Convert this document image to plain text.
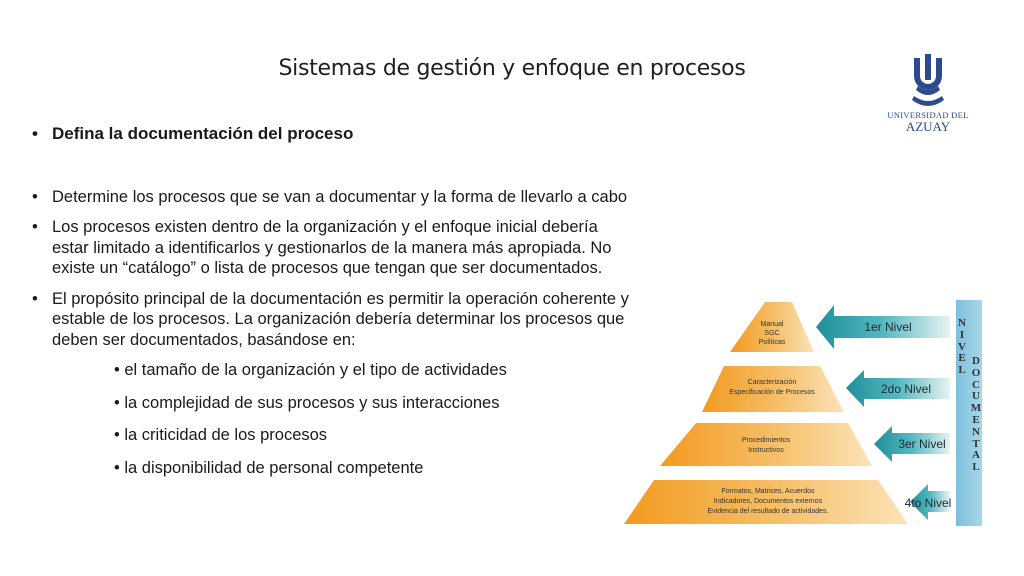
Sistemas de gestión y enfoque en procesos
UNIVERSIDAD DEL
AZUAY
• Defina la documentación del proceso
• Determine los procesos que se van a documentar y la forma de llevarlo a cabo
• Los procesos existen dentro de la organización y el enfoque inicial debería estar limitado a identificarlos y gestionarlos de la manera más apropiada. No existe un “catálogo” o lista de procesos que tengan que ser documentados.
• El propósito principal de la documentación es permitir la operación coherente y estable de los procesos. La organización debería determinar los procesos que deben ser documentados, basándose en:
• el tamaño de la organización y el tipo de actividades
• la complejidad de sus procesos y sus interacciones
• la criticidad de los procesos
• la disponibilidad de personal competente
Manual
SGC
Políticas
Caracterización
Especificación de Procesos
Procedimientos
Instructivos
Formatos, Matrices, Acuerdos
Indicadores, Documentos externos
Evidencia del resultado de actividades.
1er Nivel
2do Nivel
3er Nivel
4to Nivel
N
I
V
E
L
D
O
C
U
M
E
N
T
A
L
